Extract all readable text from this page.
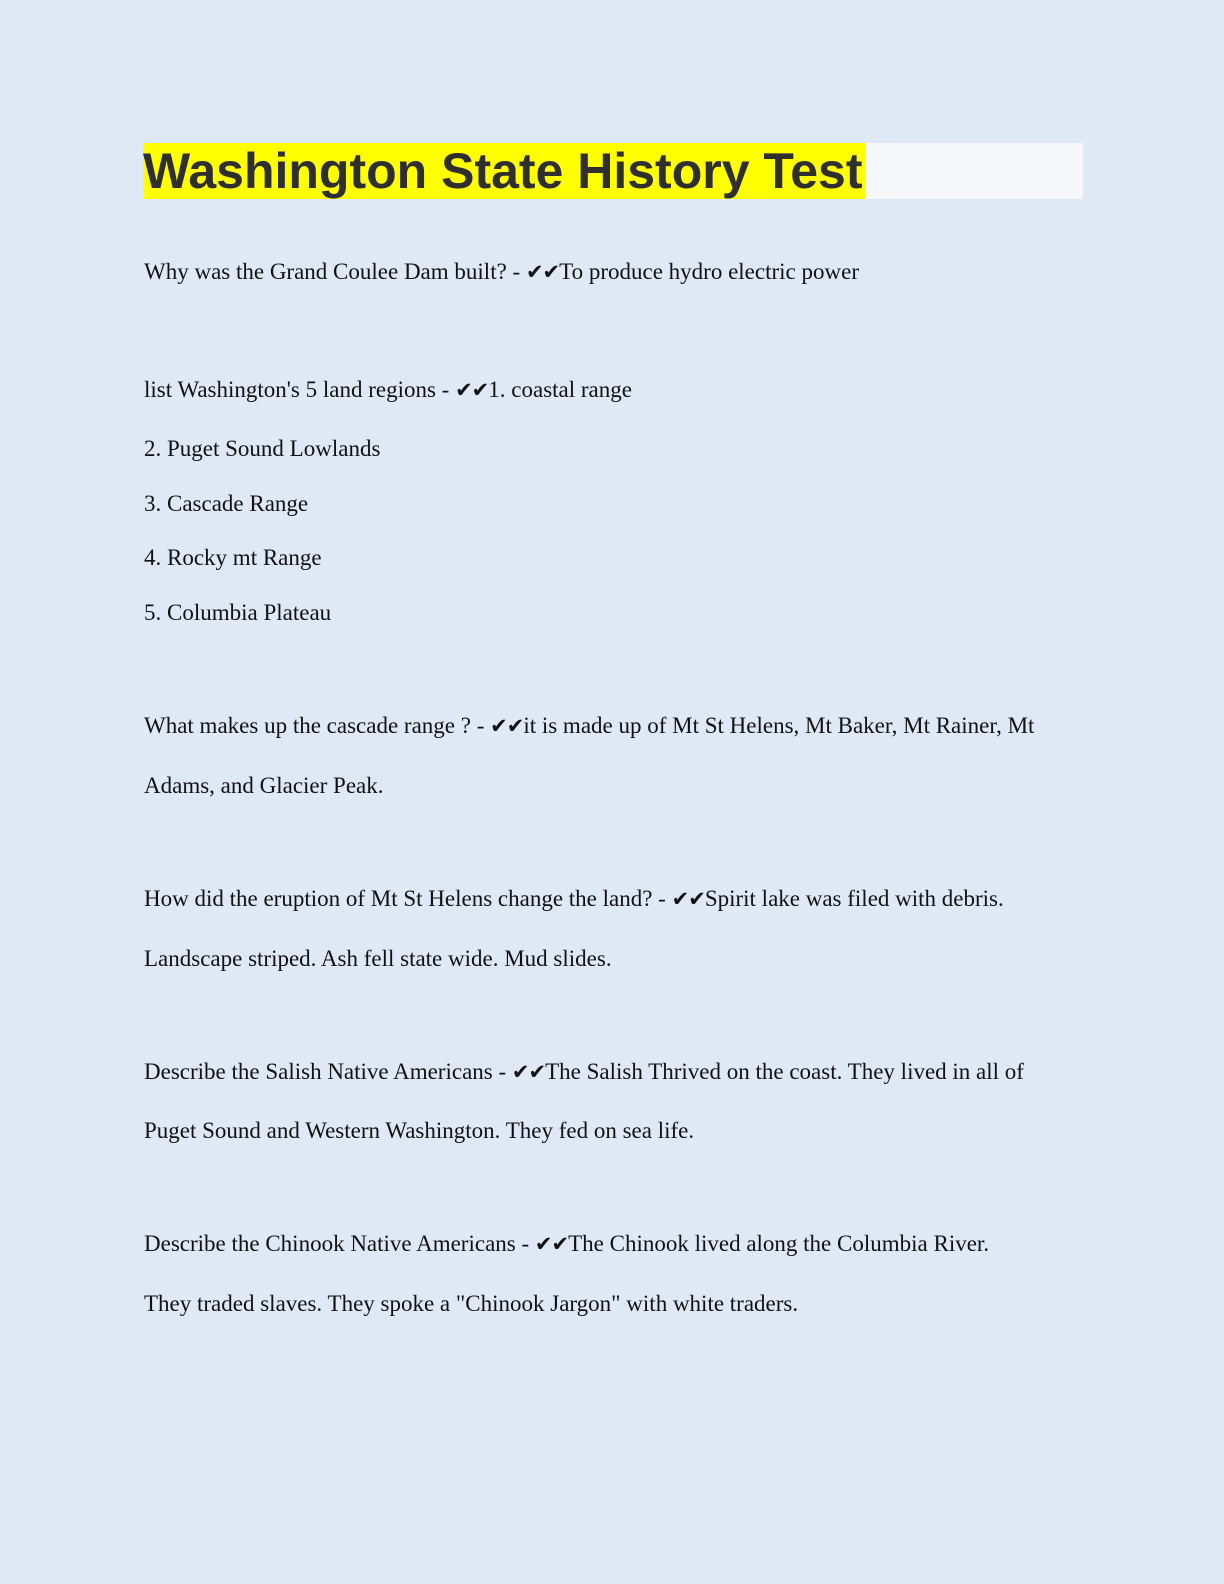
Washington State History Test
Why was the Grand Coulee Dam built? - ✔✔To produce hydro electric power
list Washington's 5 land regions - ✔✔1. coastal range
2. Puget Sound Lowlands
3. Cascade Range
4. Rocky mt Range
5. Columbia Plateau
What makes up the cascade range ? - ✔✔it is made up of Mt St Helens, Mt Baker, Mt Rainer, Mt
Adams, and Glacier Peak.
How did the eruption of Mt St Helens change the land? - ✔✔Spirit lake was filed with debris.
Landscape striped. Ash fell state wide. Mud slides.
Describe the Salish Native Americans - ✔✔The Salish Thrived on the coast. They lived in all of
Puget Sound and Western Washington. They fed on sea life.
Describe the Chinook Native Americans - ✔✔The Chinook lived along the Columbia River.
They traded slaves. They spoke a "Chinook Jargon" with white traders.
